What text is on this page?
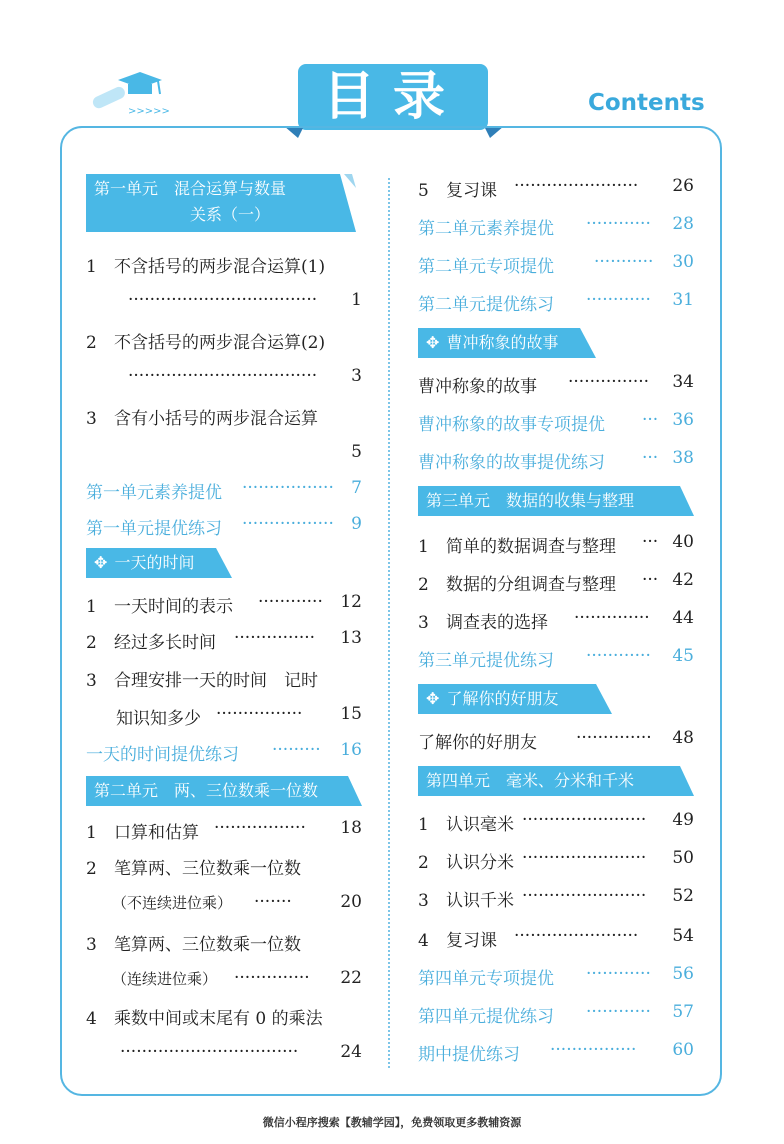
>>>>>	目录	Contents
第一单元　混合运算与数量
关系（一）
1 不含括号的两步混合运算(1)
··································· 1
2 不含括号的两步混合运算(2)
··································· 3
3 含有小括号的两步混合运算
5
第一单元素养提优 ················· 7
第一单元提优练习 ················· 9
✥ 一天的时间
1 一天时间的表示 ············ 12
2 经过多长时间 ··············· 13
3 合理安排一天的时间　记时
知识知多少 ················ 15
一天的时间提优练习 ········· 16
第二单元　两、三位数乘一位数
1 口算和估算 ················· 18
2 笔算两、三位数乘一位数
（不连续进位乘） ·······	20
3 笔算两、三位数乘一位数
（连续进位乘） ·············· 22
4 乘数中间或末尾有 0 的乘法
································· 24
5 复习课 ······················· 26
第二单元素养提优 ············ 28
第二单元专项提优 ··········· 30
第二单元提优练习 ············ 31
✥ 曹冲称象的故事
曹冲称象的故事 ··············· 34
曹冲称象的故事专项提优 ··· 36
曹冲称象的故事提优练习 ··· 38
第三单元　数据的收集与整理
1 简单的数据调查与整理 ··· 40
2 数据的分组调查与整理 ··· 42
3 调查表的选择 ·············· 44
第三单元提优练习 ············ 45
✥ 了解你的好朋友
了解你的好朋友 ·············· 48
第四单元　毫米、分米和千米
1 认识毫米 ······················· 49
2 认识分米 ······················· 50
3 认识千米 ······················· 52
4 复习课 ······················· 54
第四单元专项提优 ············ 56
第四单元提优练习 ············ 57
期中提优练习 ················ 60
微信小程序搜索【教辅学园】，免费领取更多教辅资源
